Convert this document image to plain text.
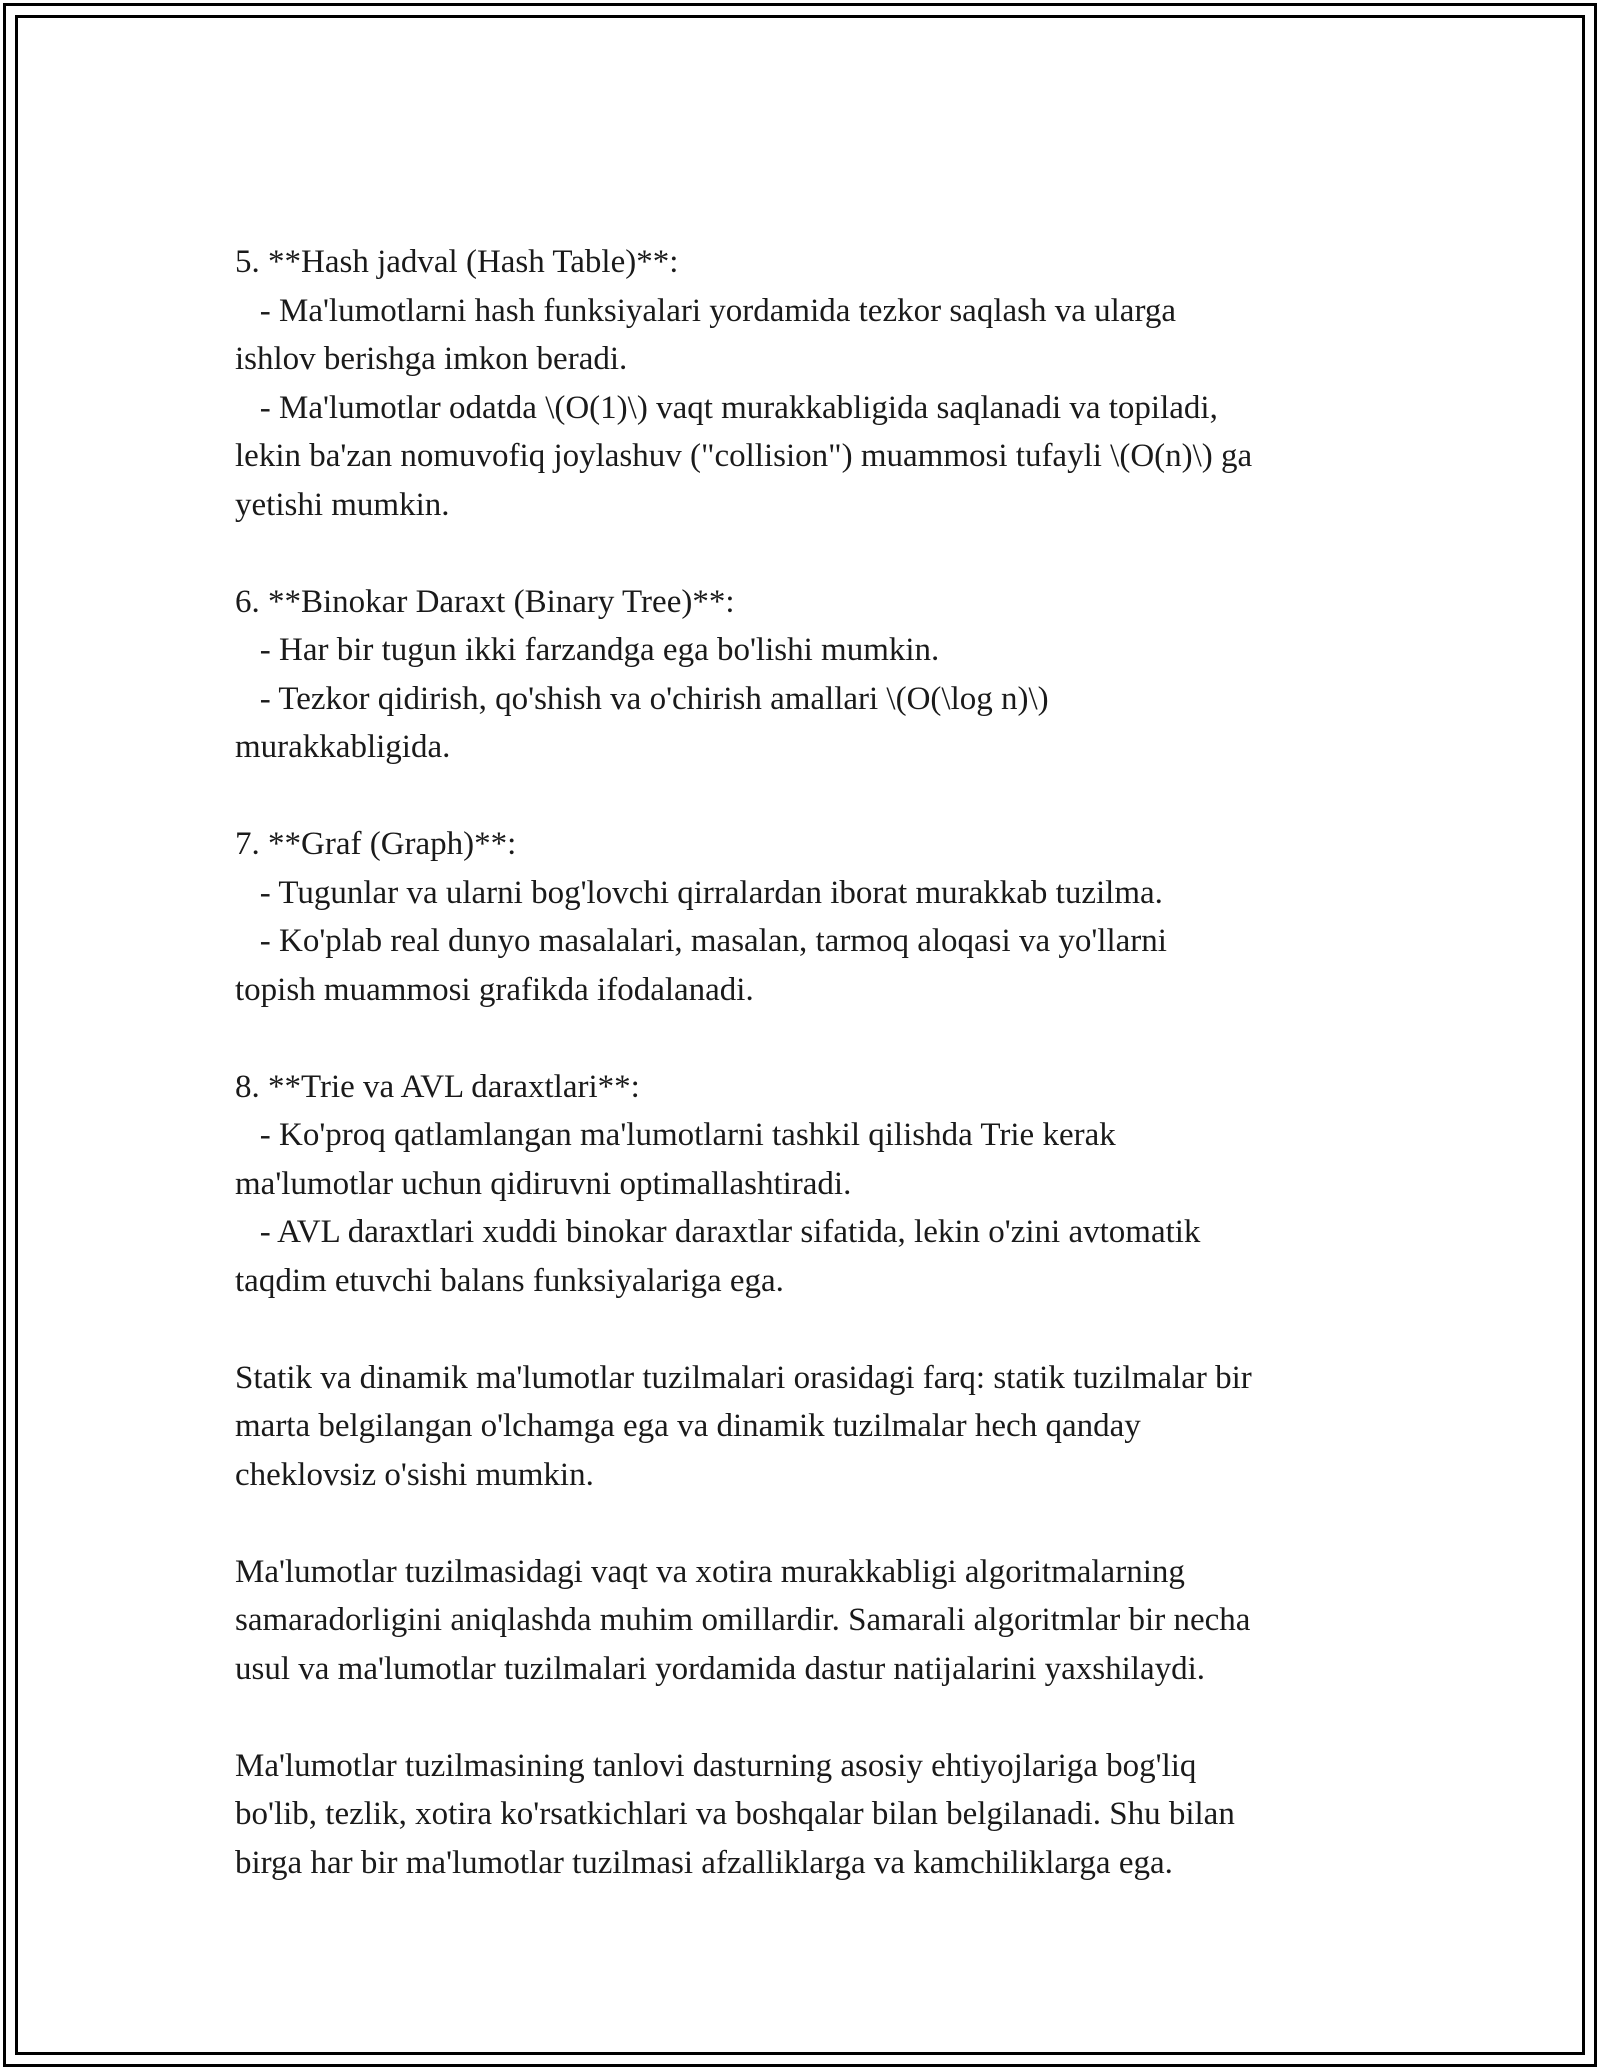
5. **Hash jadval (Hash Table)**:
- Ma'lumotlarni hash funksiyalari yordamida tezkor saqlash va ularga
ishlov berishga imkon beradi.
- Ma'lumotlar odatda \(O(1)\) vaqt murakkabligida saqlanadi va topiladi,
lekin ba'zan nomuvofiq joylashuv ("collision") muammosi tufayli \(O(n)\) ga
yetishi mumkin.
6. **Binokar Daraxt (Binary Tree)**:
- Har bir tugun ikki farzandga ega bo'lishi mumkin.
- Tezkor qidirish, qo'shish va o'chirish amallari \(O(\log n)\)
murakkabligida.
7. **Graf (Graph)**:
- Tugunlar va ularni bog'lovchi qirralardan iborat murakkab tuzilma.
- Ko'plab real dunyo masalalari, masalan, tarmoq aloqasi va yo'llarni
topish muammosi grafikda ifodalanadi.
8. **Trie va AVL daraxtlari**:
- Ko'proq qatlamlangan ma'lumotlarni tashkil qilishda Trie kerak
ma'lumotlar uchun qidiruvni optimallashtiradi.
- AVL daraxtlari xuddi binokar daraxtlar sifatida, lekin o'zini avtomatik
taqdim etuvchi balans funksiyalariga ega.
Statik va dinamik ma'lumotlar tuzilmalari orasidagi farq: statik tuzilmalar bir
marta belgilangan o'lchamga ega va dinamik tuzilmalar hech qanday
cheklovsiz o'sishi mumkin.
Ma'lumotlar tuzilmasidagi vaqt va xotira murakkabligi algoritmalarning
samaradorligini aniqlashda muhim omillardir. Samarali algoritmlar bir necha
usul va ma'lumotlar tuzilmalari yordamida dastur natijalarini yaxshilaydi.
Ma'lumotlar tuzilmasining tanlovi dasturning asosiy ehtiyojlariga bog'liq
bo'lib, tezlik, xotira ko'rsatkichlari va boshqalar bilan belgilanadi. Shu bilan
birga har bir ma'lumotlar tuzilmasi afzalliklarga va kamchiliklarga ega.
